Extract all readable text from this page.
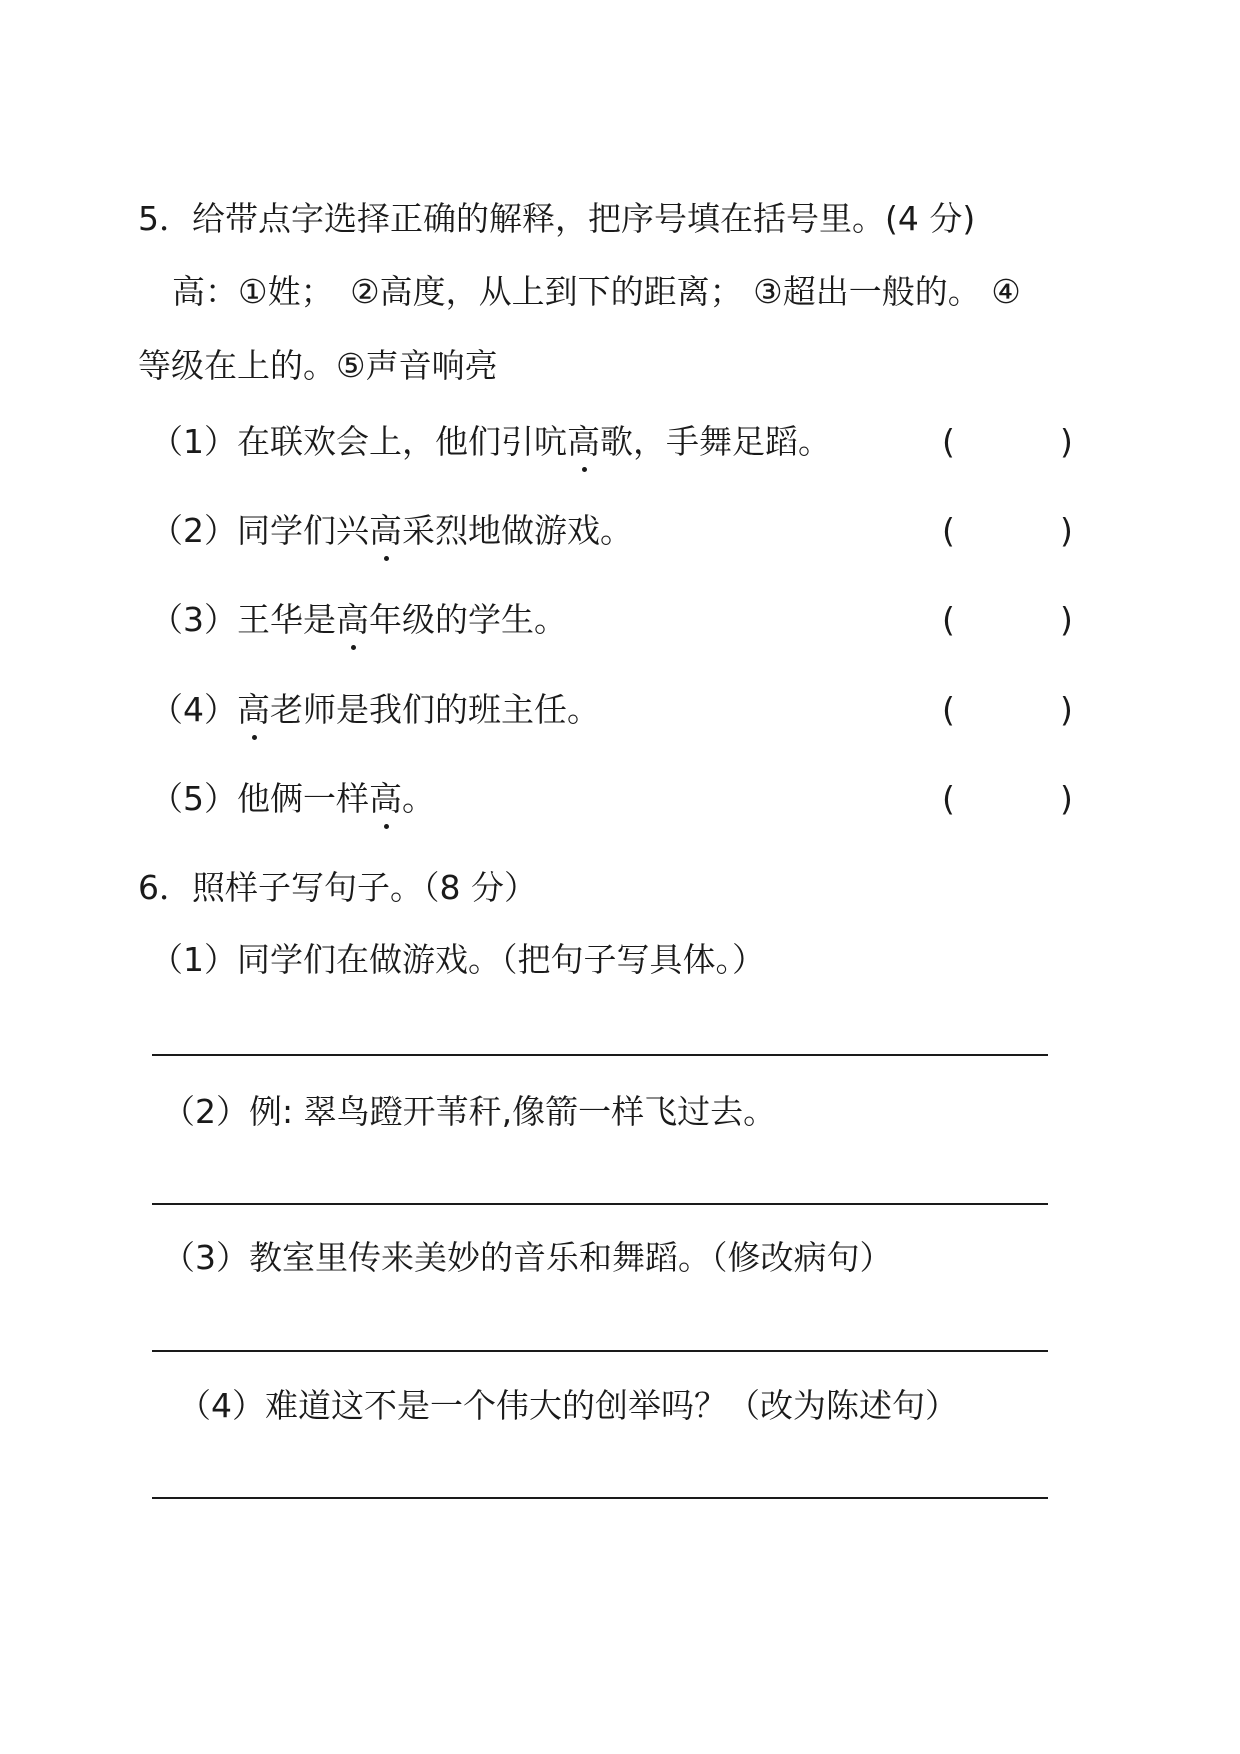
5．给带点字选择正确的解释，把序号填在括号里。(4 分)
高：①姓；　②高度，从上到下的距离； ③超出一般的。 ④
等级在上的。⑤声音响亮
（1）在联欢会上，他们引吭高歌，手舞足蹈。	(	)
（2）同学们兴高采烈地做游戏。	(	)
（3）王华是高年级的学生。	(	)
（4）高老师是我们的班主任。	(	)
（5）他俩一样高。	(	)
6．照样子写句子。（8 分）
（1）同学们在做游戏。（把句子写具体。）
（2）例: 翠鸟蹬开苇秆,像箭一样飞过去。
（3）教室里传来美妙的音乐和舞蹈。（修改病句）
（4）难道这不是一个伟大的创举吗？（改为陈述句）
